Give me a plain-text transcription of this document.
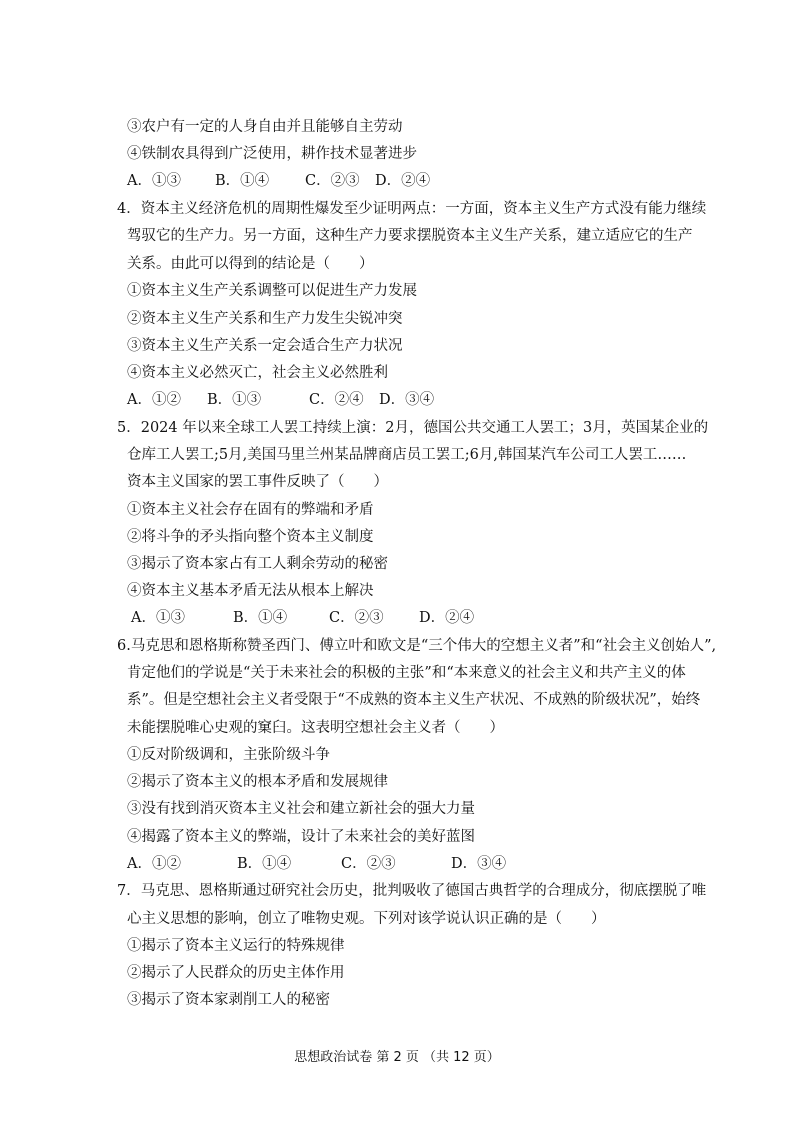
③农户有一定的人身自由并且能够自主劳动
④铁制农具得到广泛使用，耕作技术显著进步
A．①③ B．①④ C．②③ D．②④
4．资本主义经济危机的周期性爆发至少证明两点：一方面，资本主义生产方式没有能力继续
驾驭它的生产力。另一方面，这种生产力要求摆脱资本主义生产关系，建立适应它的生产
关系。由此可以得到的结论是（　　）
①资本主义生产关系调整可以促进生产力发展
②资本主义生产关系和生产力发生尖锐冲突
③资本主义生产关系一定会适合生产力状况
④资本主义必然灭亡，社会主义必然胜利
A．①② B．①③	C．②④ D．③④
5．2024 年以来全球工人罢工持续上演：2月，德国公共交通工人罢工；3月，英国某企业的
仓库工人罢工;5月,美国马里兰州某品牌商店员工罢工;6月,韩国某汽车公司工人罢工……
资本主义国家的罢工事件反映了（　　）
①资本主义社会存在固有的弊端和矛盾
②将斗争的矛头指向整个资本主义制度
③揭示了资本家占有工人剩余劳动的秘密
④资本主义基本矛盾无法从根本上解决
A．①③	B．①④	C．②③ D．②④
6.马克思和恩格斯称赞圣西门、傅立叶和欧文是“三个伟大的空想主义者”和“社会主义创始人”,
肯定他们的学说是“关于未来社会的积极的主张”和“本来意义的社会主义和共产主义的体
系”。但是空想社会主义者受限于“不成熟的资本主义生产状况、不成熟的阶级状况”，始终
未能摆脱唯心史观的窠臼。这表明空想社会主义者（　　）
①反对阶级调和，主张阶级斗争
②揭示了资本主义的根本矛盾和发展规律
③没有找到消灭资本主义社会和建立新社会的强大力量
④揭露了资本主义的弊端，设计了未来社会的美好蓝图
A．①②	B．①④	C．②③	D．③④
7．马克思、恩格斯通过研究社会历史，批判吸收了德国古典哲学的合理成分，彻底摆脱了唯
心主义思想的影响，创立了唯物史观。下列对该学说认识正确的是（　　）
①揭示了资本主义运行的特殊规律
②揭示了人民群众的历史主体作用
③揭示了资本家剥削工人的秘密
思想政治试卷 第 2 页 （共 12 页）
